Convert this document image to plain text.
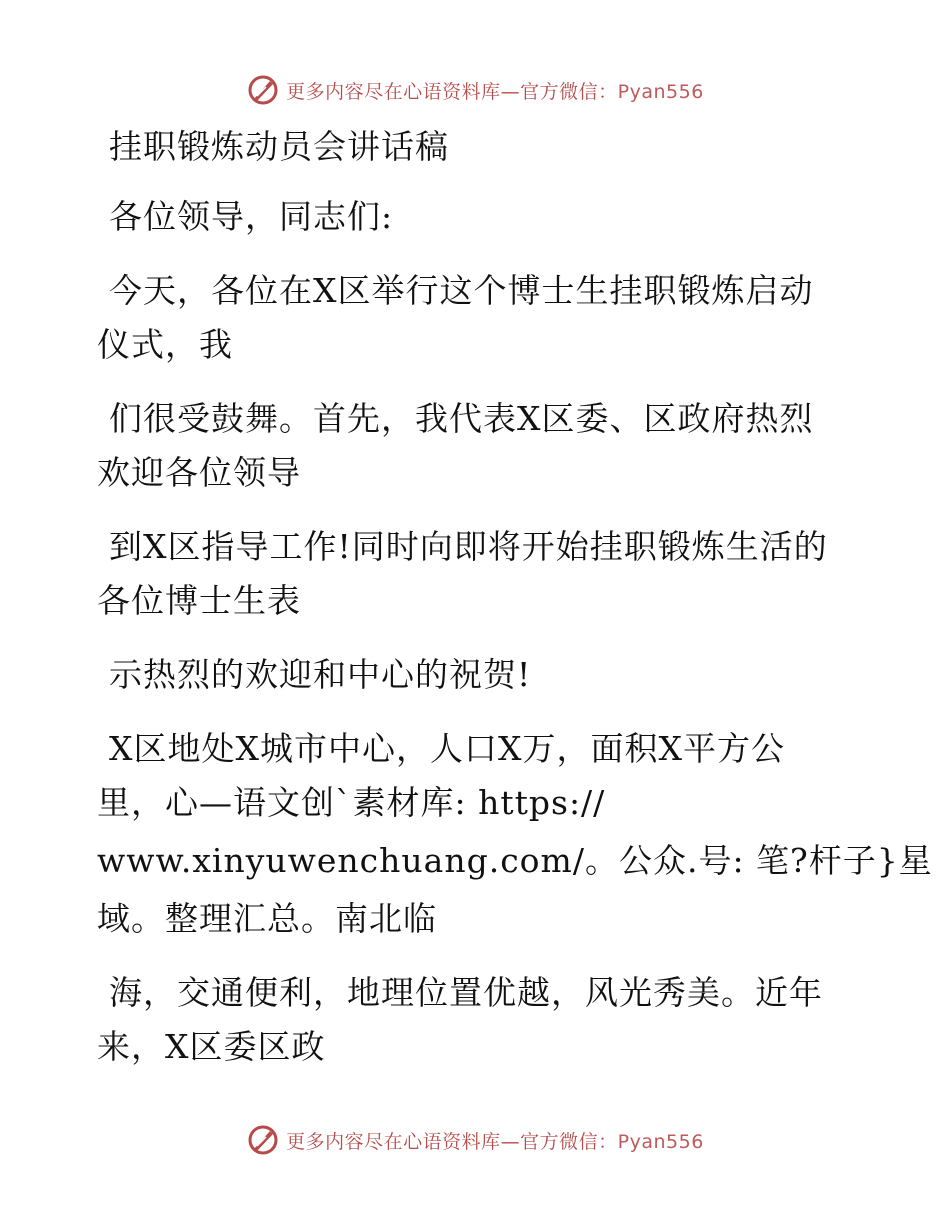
更多内容尽在心语资料库—官方微信：Pyan556
挂职锻炼动员会讲话稿
各位领导，同志们:
今天，各位在X区举行这个博士生挂职锻炼启动
仪式，我
们很受鼓舞。首先，我代表X区委、区政府热烈
欢迎各位领导
到X区指导工作!同时向即将开始挂职锻炼生活的
各位博士生表
示热烈的欢迎和中心的祝贺!
X区地处X城市中心，人口X万，面积X平方公
里，心—语文创`素材库: https://
www.xinyuwenchuang.com/。公众.号: 笔?杆子}星
域。整理汇总。南北临
海，交通便利，地理位置优越，风光秀美。近年
来，X区委区政
更多内容尽在心语资料库—官方微信：Pyan556
